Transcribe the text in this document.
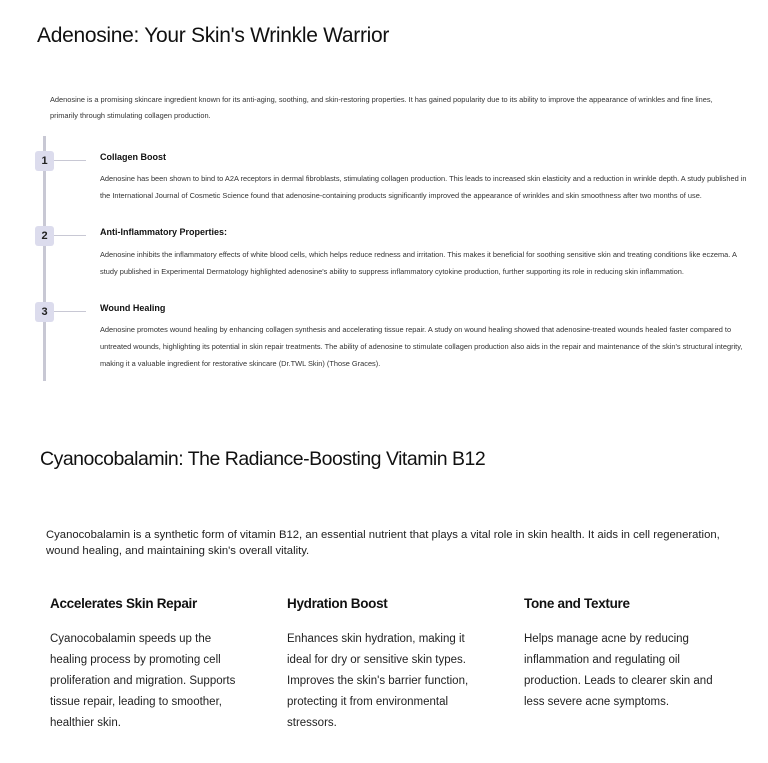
Adenosine: Your Skin's Wrinkle Warrior

Adenosine is a promising skincare ingredient known for its anti-aging, soothing, and skin-restoring properties. It has gained popularity due to its ability to improve the appearance of wrinkles and fine lines, primarily through stimulating collagen production.

1	Collagen Boost

Adenosine has been shown to bind to A2A receptors in dermal fibroblasts, stimulating collagen production. This leads to increased skin elasticity and a reduction in wrinkle depth. A study published in the International Journal of Cosmetic Science found that adenosine-containing products significantly improved the appearance of wrinkles and skin smoothness after two months of use.

2	Anti-Inflammatory Properties:

Adenosine inhibits the inflammatory effects of white blood cells, which helps reduce redness and irritation. This makes it beneficial for soothing sensitive skin and treating conditions like eczema. A study published in Experimental Dermatology highlighted adenosine's ability to suppress inflammatory cytokine production, further supporting its role in reducing skin inflammation.

3	Wound Healing

Adenosine promotes wound healing by enhancing collagen synthesis and accelerating tissue repair. A study on wound healing showed that adenosine-treated wounds healed faster compared to untreated wounds, highlighting its potential in skin repair treatments. The ability of adenosine to stimulate collagen production also aids in the repair and maintenance of the skin's structural integrity, making it a valuable ingredient for restorative skincare (Dr.TWL Skin) (Those Graces).

Cyanocobalamin: The Radiance-Boosting Vitamin B12

Cyanocobalamin is a synthetic form of vitamin B12, an essential nutrient that plays a vital role in skin health. It aids in cell regeneration, wound healing, and maintaining skin's overall vitality.

Accelerates Skin Repair

Cyanocobalamin speeds up the healing process by promoting cell proliferation and migration. Supports tissue repair, leading to smoother, healthier skin.

Hydration Boost

Enhances skin hydration, making it ideal for dry or sensitive skin types. Improves the skin's barrier function, protecting it from environmental stressors.

Tone and Texture

Helps manage acne by reducing inflammation and regulating oil production. Leads to clearer skin and less severe acne symptoms.
